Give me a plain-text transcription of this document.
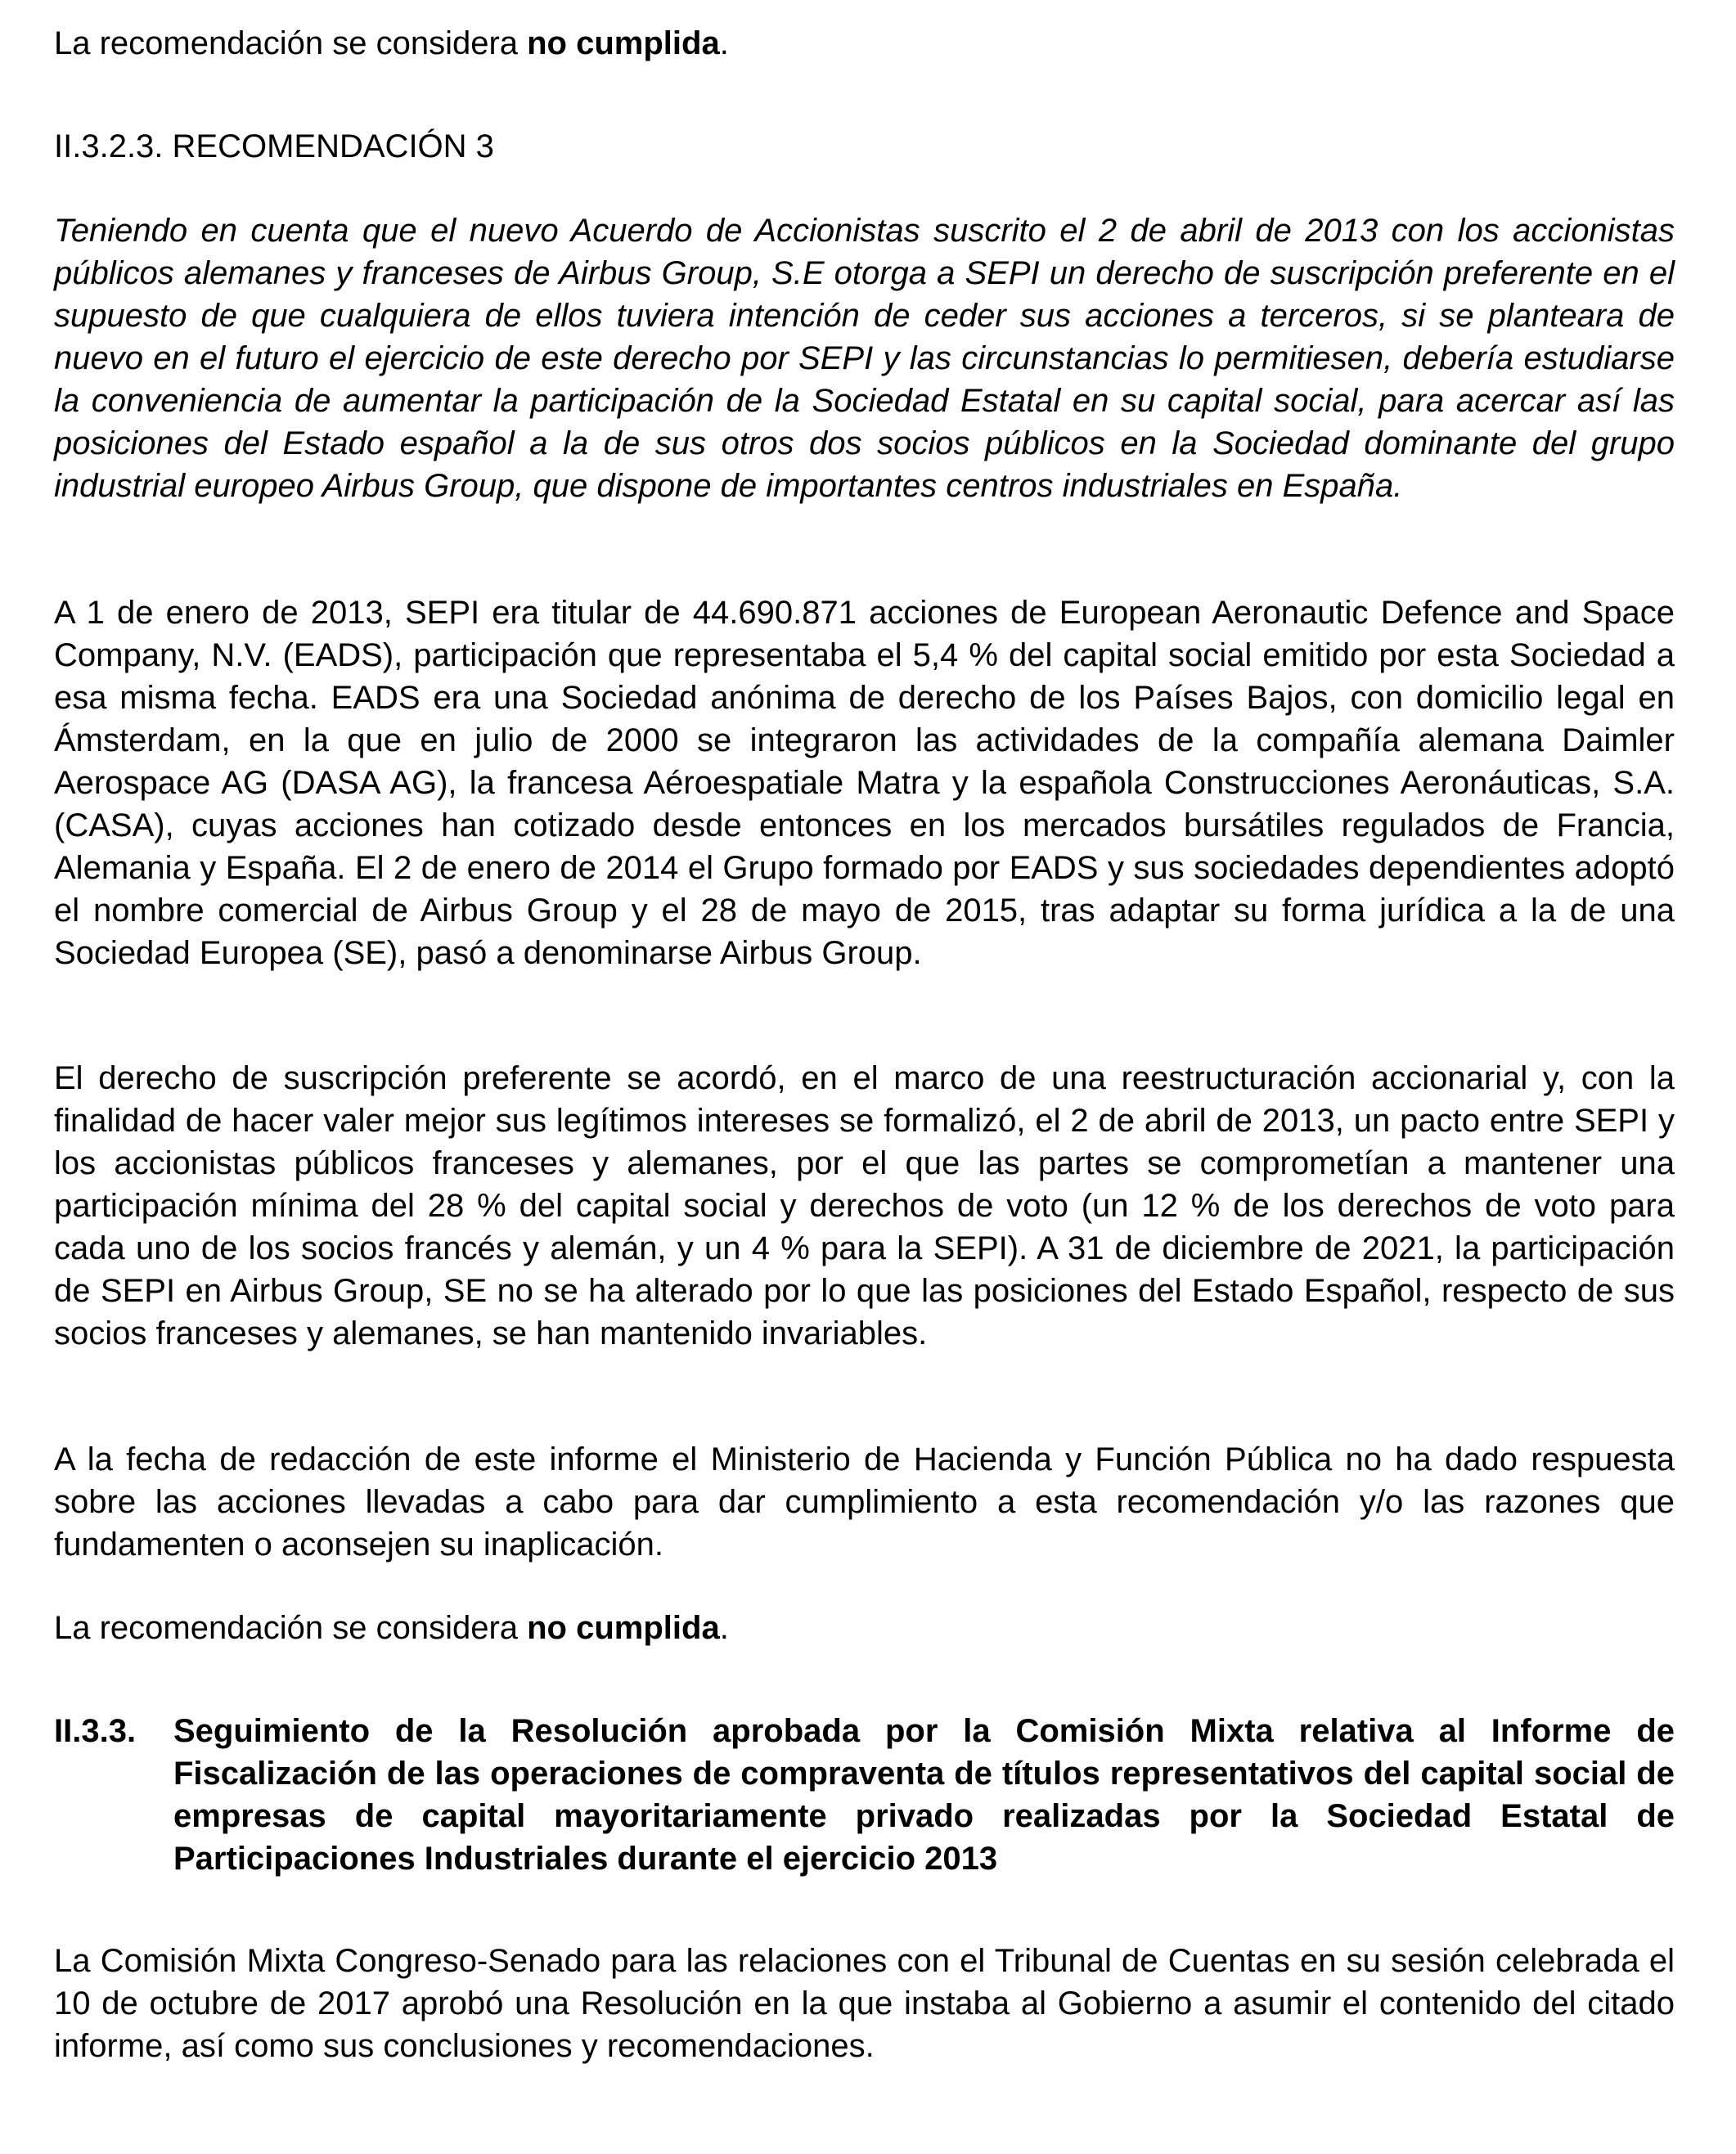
La recomendación se considera no cumplida.

II.3.2.3. RECOMENDACIÓN 3

Teniendo en cuenta que el nuevo Acuerdo de Accionistas suscrito el 2 de abril de 2013 con los accionistas públicos alemanes y franceses de Airbus Group, S.E otorga a SEPI un derecho de suscripción preferente en el supuesto de que cualquiera de ellos tuviera intención de ceder sus acciones a terceros, si se planteara de nuevo en el futuro el ejercicio de este derecho por SEPI y las circunstancias lo permitiesen, debería estudiarse la conveniencia de aumentar la participación de la Sociedad Estatal en su capital social, para acercar así las posiciones del Estado español a la de sus otros dos socios públicos en la Sociedad dominante del grupo industrial europeo Airbus Group, que dispone de importantes centros industriales en España.

A 1 de enero de 2013, SEPI era titular de 44.690.871 acciones de European Aeronautic Defence and Space Company, N.V. (EADS), participación que representaba el 5,4 % del capital social emitido por esta Sociedad a esa misma fecha. EADS era una Sociedad anónima de derecho de los Países Bajos, con domicilio legal en Ámsterdam, en la que en julio de 2000 se integraron las actividades de la compañía alemana Daimler Aerospace AG (DASA AG), la francesa Aéroespatiale Matra y la española Construcciones Aeronáuticas, S.A. (CASA), cuyas acciones han cotizado desde entonces en los mercados bursátiles regulados de Francia, Alemania y España. El 2 de enero de 2014 el Grupo formado por EADS y sus sociedades dependientes adoptó el nombre comercial de Airbus Group y el 28 de mayo de 2015, tras adaptar su forma jurídica a la de una Sociedad Europea (SE), pasó a denominarse Airbus Group.

El derecho de suscripción preferente se acordó, en el marco de una reestructuración accionarial y, con la finalidad de hacer valer mejor sus legítimos intereses se formalizó, el 2 de abril de 2013, un pacto entre SEPI y los accionistas públicos franceses y alemanes, por el que las partes se comprometían a mantener una participación mínima del 28 % del capital social y derechos de voto (un 12 % de los derechos de voto para cada uno de los socios francés y alemán, y un 4 % para la SEPI). A 31 de diciembre de 2021, la participación de SEPI en Airbus Group, SE no se ha alterado por lo que las posiciones del Estado Español, respecto de sus socios franceses y alemanes, se han mantenido invariables.

A la fecha de redacción de este informe el Ministerio de Hacienda y Función Pública no ha dado respuesta sobre las acciones llevadas a cabo para dar cumplimiento a esta recomendación y/o las razones que fundamenten o aconsejen su inaplicación.

La recomendación se considera no cumplida.

II.3.3.	Seguimiento de la Resolución aprobada por la Comisión Mixta relativa al Informe de Fiscalización de las operaciones de compraventa de títulos representativos del capital social de empresas de capital mayoritariamente privado realizadas por la Sociedad Estatal de Participaciones Industriales durante el ejercicio 2013

La Comisión Mixta Congreso-Senado para las relaciones con el Tribunal de Cuentas en su sesión celebrada el 10 de octubre de 2017 aprobó una Resolución en la que instaba al Gobierno a asumir el contenido del citado informe, así como sus conclusiones y recomendaciones.
